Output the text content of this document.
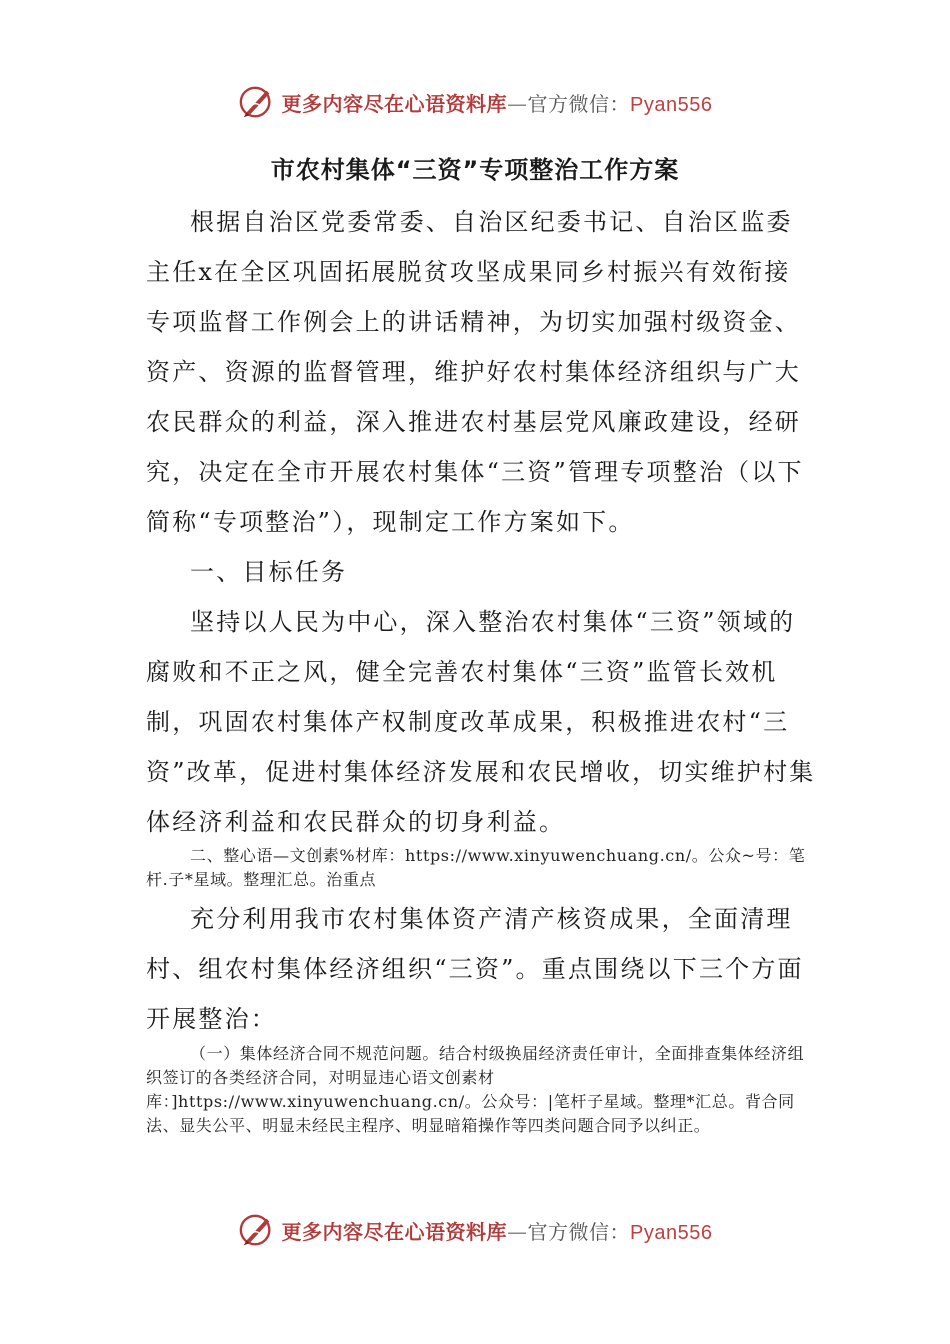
更多内容尽在心语资料库—官方微信：Pyan556
市农村集体“三资”专项整治工作方案

根据自治区党委常委、自治区纪委书记、自治区监委主任x在全区巩固拓展脱贫攻坚成果同乡村振兴有效衔接专项监督工作例会上的讲话精神，为切实加强村级资金、资产、资源的监督管理，维护好农村集体经济组织与广大农民群众的利益，深入推进农村基层党风廉政建设，经研究，决定在全市开展农村集体“三资”管理专项整治（以下简称“专项整治”），现制定工作方案如下。

一、目标任务

坚持以人民为中心，深入整治农村集体“三资”领域的腐败和不正之风，健全完善农村集体“三资”监管长效机制，巩固农村集体产权制度改革成果，积极推进农村“三资”改革，促进村集体经济发展和农民增收，切实维护村集体经济利益和农民群众的切身利益。

二、整心语—文创素%材库：https://www.xinyuwenchuang.cn/。公众~号：笔杆.子*星域。整理汇总。治重点

充分利用我市农村集体资产清产核资成果，全面清理村、组农村集体经济组织“三资”。重点围绕以下三个方面开展整治：

（一）集体经济合同不规范问题。结合村级换届经济责任审计，全面排查集体经济组织签订的各类经济合同，对明显违心语文创素材库：]https://www.xinyuwenchuang.cn/。公众号：|笔杆子星域。整理*汇总。背合同法、显失公平、明显未经民主程序、明显暗箱操作等四类问题合同予以纠正。

更多内容尽在心语资料库—官方微信：Pyan556
